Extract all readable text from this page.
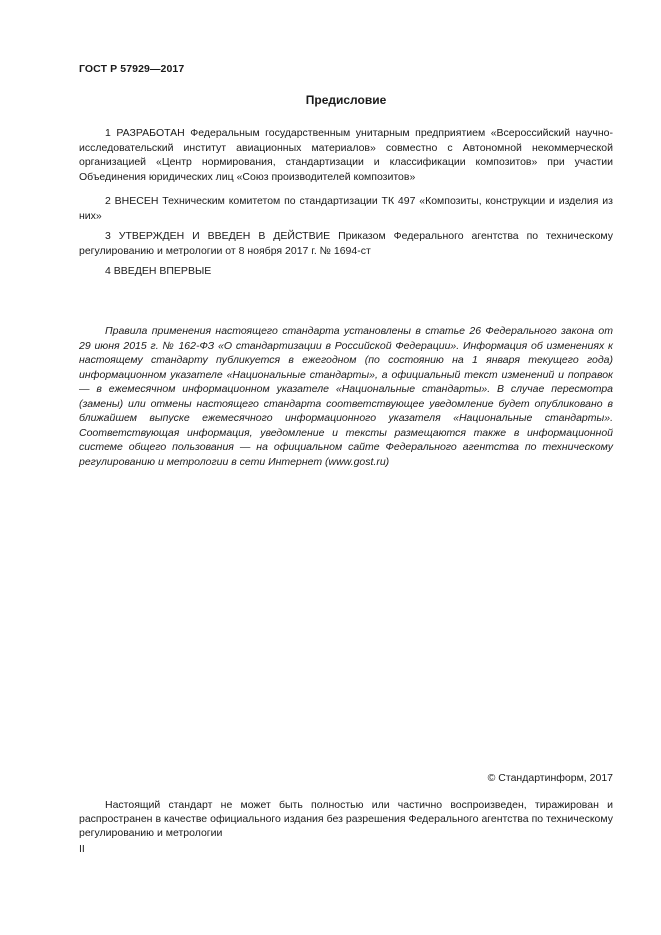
ГОСТ Р 57929—2017
Предисловие

1 РАЗРАБОТАН Федеральным государственным унитарным предприятием «Всероссийский научно-исследовательский институт авиационных материалов» совместно с Автономной некоммерческой организацией «Центр нормирования, стандартизации и классификации композитов» при участии Объединения юридических лиц «Союз производителей композитов»

2 ВНЕСЕН Техническим комитетом по стандартизации ТК 497 «Композиты, конструкции и изделия из них»

3 УТВЕРЖДЕН И ВВЕДЕН В ДЕЙСТВИЕ Приказом Федерального агентства по техническому регулированию и метрологии от 8 ноября 2017 г. № 1694-ст

4 ВВЕДЕН ВПЕРВЫЕ

Правила применения настоящего стандарта установлены в статье 26 Федерального закона от 29 июня 2015 г. № 162-ФЗ «О стандартизации в Российской Федерации». Информация об изменениях к настоящему стандарту публикуется в ежегодном (по состоянию на 1 января текущего года) информационном указателе «Национальные стандарты», а официальный текст изменений и поправок — в ежемесячном информационном указателе «Национальные стандарты». В случае пересмотра (замены) или отмены настоящего стандарта соответствующее уведомление будет опубликовано в ближайшем выпуске ежемесячного информационного указателя «Национальные стандарты». Соответствующая информация, уведомление и тексты размещаются также в информационной системе общего пользования — на официальном сайте Федерального агентства по техническому регулированию и метрологии в сети Интернет (www.gost.ru)

© Стандартинформ, 2017

Настоящий стандарт не может быть полностью или частично воспроизведен, тиражирован и распространен в качестве официального издания без разрешения Федерального агентства по техническому регулированию и метрологии

II
